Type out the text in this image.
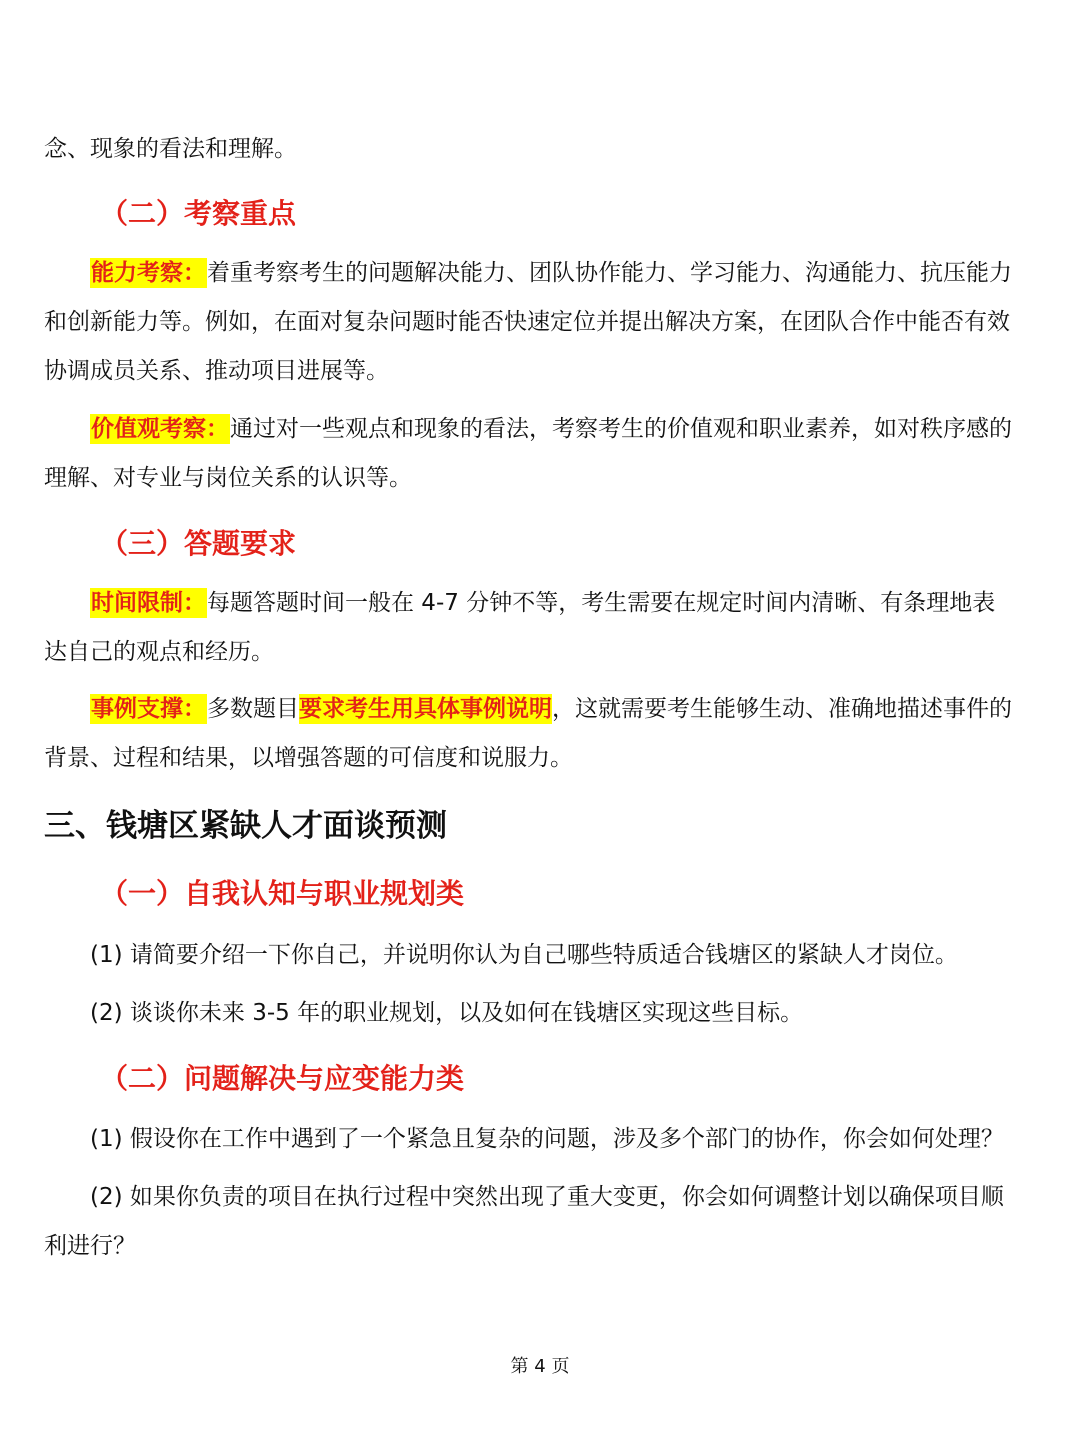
念、现象的看法和理解。
（二）考察重点
能力考察：着重考察考生的问题解决能力、团队协作能力、学习能力、沟通能力、抗压能力
和创新能力等。例如，在面对复杂问题时能否快速定位并提出解决方案，在团队合作中能否有效
协调成员关系、推动项目进展等。
价值观考察：通过对一些观点和现象的看法，考察考生的价值观和职业素养，如对秩序感的
理解、对专业与岗位关系的认识等。
（三）答题要求
时间限制：每题答题时间一般在 4-7 分钟不等，考生需要在规定时间内清晰、有条理地表
达自己的观点和经历。
事例支撑：多数题目要求考生用具体事例说明，这就需要考生能够生动、准确地描述事件的
背景、过程和结果，以增强答题的可信度和说服力。
三、钱塘区紧缺人才面谈预测
（一）自我认知与职业规划类
(1) 请简要介绍一下你自己，并说明你认为自己哪些特质适合钱塘区的紧缺人才岗位。
(2) 谈谈你未来 3-5 年的职业规划，以及如何在钱塘区实现这些目标。
（二）问题解决与应变能力类
(1) 假设你在工作中遇到了一个紧急且复杂的问题，涉及多个部门的协作，你会如何处理？
(2) 如果你负责的项目在执行过程中突然出现了重大变更，你会如何调整计划以确保项目顺
利进行？
第 4 页
